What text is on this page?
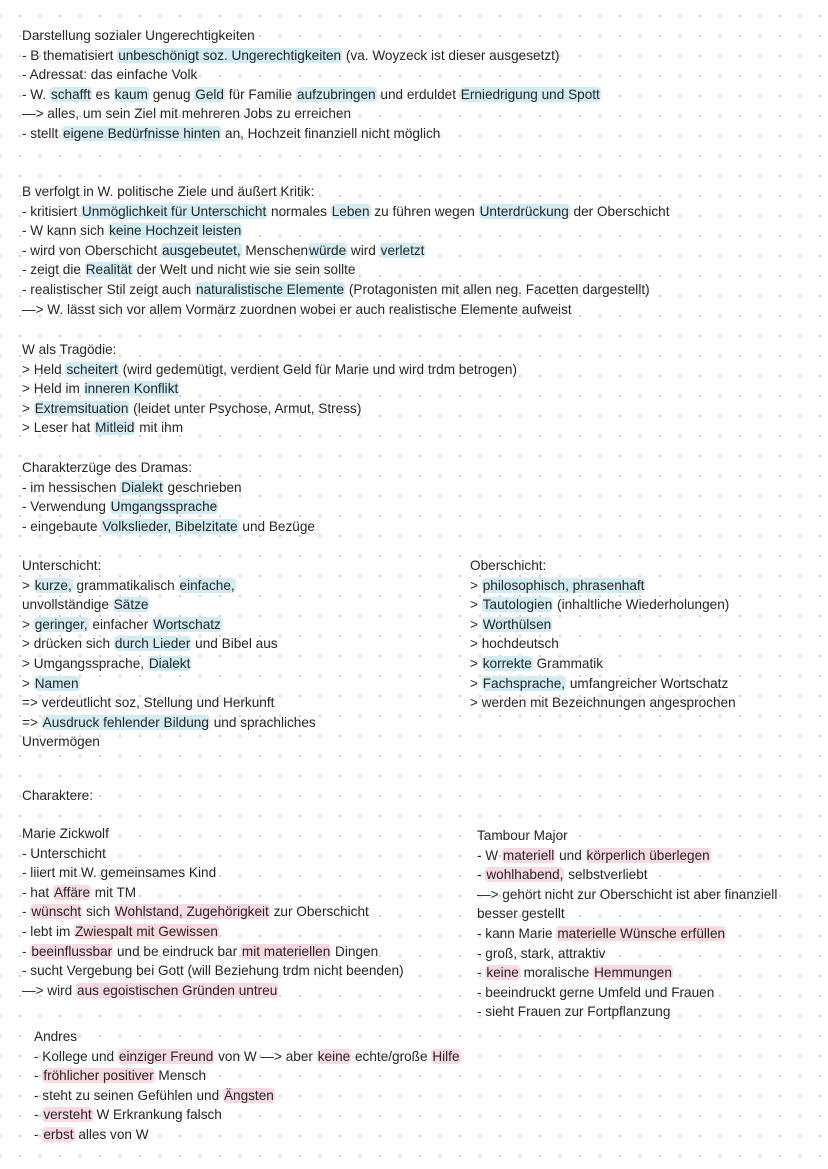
Darstellung sozialer Ungerechtigkeiten
- B thematisiert unbeschönigt soz. Ungerechtigkeiten (va. Woyzeck ist dieser ausgesetzt)
- Adressat: das einfache Volk
- W. schafft es kaum genug Geld für Familie aufzubringen und erduldet Erniedrigung und Spott
—> alles, um sein Ziel mit mehreren Jobs zu erreichen
- stellt eigene Bedürfnisse hinten an, Hochzeit finanziell nicht möglich
B verfolgt in W. politische Ziele und äußert Kritik:
- kritisiert Unmöglichkeit für Unterschicht normales Leben zu führen wegen Unterdrückung der Oberschicht
- W kann sich keine Hochzeit leisten
- wird von Oberschicht ausgebeutet, Menschenwürde wird verletzt
- zeigt die Realität der Welt und nicht wie sie sein sollte
- realistischer Stil zeigt auch naturalistische Elemente (Protagonisten mit allen neg. Facetten dargestellt)
—> W. lässt sich vor allem Vormärz zuordnen wobei er auch realistische Elemente aufweist
W als Tragödie:
> Held scheitert (wird gedemütigt, verdient Geld für Marie und wird trdm betrogen)
> Held im inneren Konflikt
> Extremsituation (leidet unter Psychose, Armut, Stress)
> Leser hat Mitleid mit ihm
Charakterzüge des Dramas:
- im hessischen Dialekt geschrieben
- Verwendung Umgangssprache
- eingebaute Volkslieder, Bibelzitate und Bezüge
Unterschicht:
> kurze, grammatikalisch einfache,
unvollständige Sätze
> geringer, einfacher Wortschatz
> drücken sich durch Lieder und Bibel aus
> Umgangssprache, Dialekt
> Namen
=> verdeutlicht soz, Stellung und Herkunft
=> Ausdruck fehlender Bildung und sprachliches
Unvermögen
Oberschicht:
> philosophisch, phrasenhaft
> Tautologien (inhaltliche Wiederholungen)
> Worthülsen
> hochdeutsch
> korrekte Grammatik
> Fachsprache, umfangreicher Wortschatz
> werden mit Bezeichnungen angesprochen
Charaktere:
Marie Zickwolf
- Unterschicht
- liiert mit W. gemeinsames Kind
- hat Affäre mit TM
- wünscht sich Wohlstand, Zugehörigkeit zur Oberschicht
- lebt im Zwiespalt mit Gewissen
- beeinflussbar und be eindruck bar mit materiellen Dingen
- sucht Vergebung bei Gott (will Beziehung trdm nicht beenden)
—> wird aus egoistischen Gründen untreu
Tambour Major
- W materiell und körperlich überlegen
- wohlhabend, selbstverliebt
—> gehört nicht zur Oberschicht ist aber finanziell
besser gestellt
- kann Marie materielle Wünsche erfüllen
- groß, stark, attraktiv
- keine moralische Hemmungen
- beeindruckt gerne Umfeld und Frauen
- sieht Frauen zur Fortpflanzung
Andres
- Kollege und einziger Freund von W —> aber keine echte/große Hilfe
- fröhlicher positiver Mensch
- steht zu seinen Gefühlen und Ängsten
- versteht W Erkrankung falsch
- erbst alles von W
